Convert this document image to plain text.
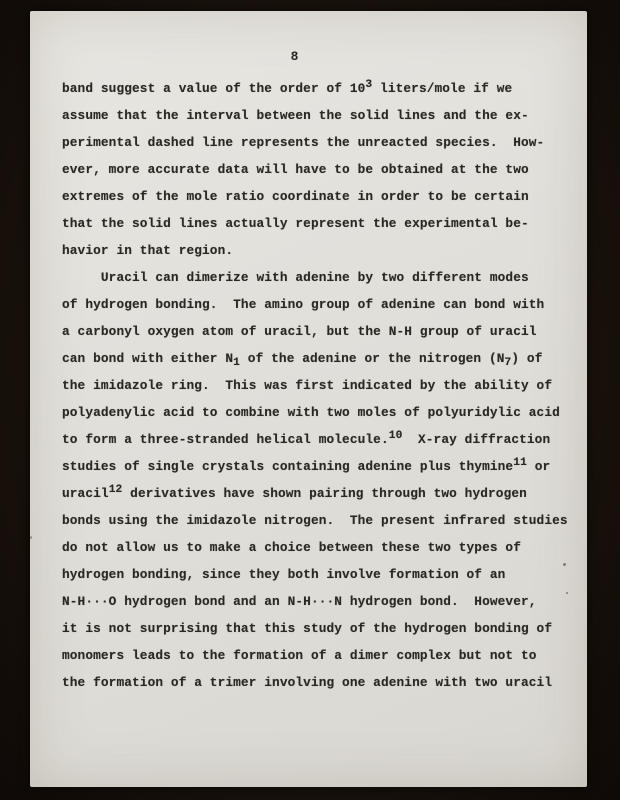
8
band suggest a value of the order of 103 liters/mole if we
assume that the interval between the solid lines and the ex-
perimental dashed line represents the unreacted species.  How-
ever, more accurate data will have to be obtained at the two
extremes of the mole ratio coordinate in order to be certain
that the solid lines actually represent the experimental be-
havior in that region.
Uracil can dimerize with adenine by two different modes
of hydrogen bonding.  The amino group of adenine can bond with
a carbonyl oxygen atom of uracil, but the N-H group of uracil
can bond with either N1 of the adenine or the nitrogen (N7) of
the imidazole ring.  This was first indicated by the ability of
polyadenylic acid to combine with two moles of polyuridylic acid
to form a three-stranded helical molecule.10  X-ray diffraction
studies of single crystals containing adenine plus thymine11 or
uracil12 derivatives have shown pairing through two hydrogen
bonds using the imidazole nitrogen.  The present infrared studies
do not allow us to make a choice between these two types of
hydrogen bonding, since they both involve formation of an
N-H···O hydrogen bond and an N-H···N hydrogen bond.  However,
it is not surprising that this study of the hydrogen bonding of
monomers leads to the formation of a dimer complex but not to
the formation of a trimer involving one adenine with two uracil
